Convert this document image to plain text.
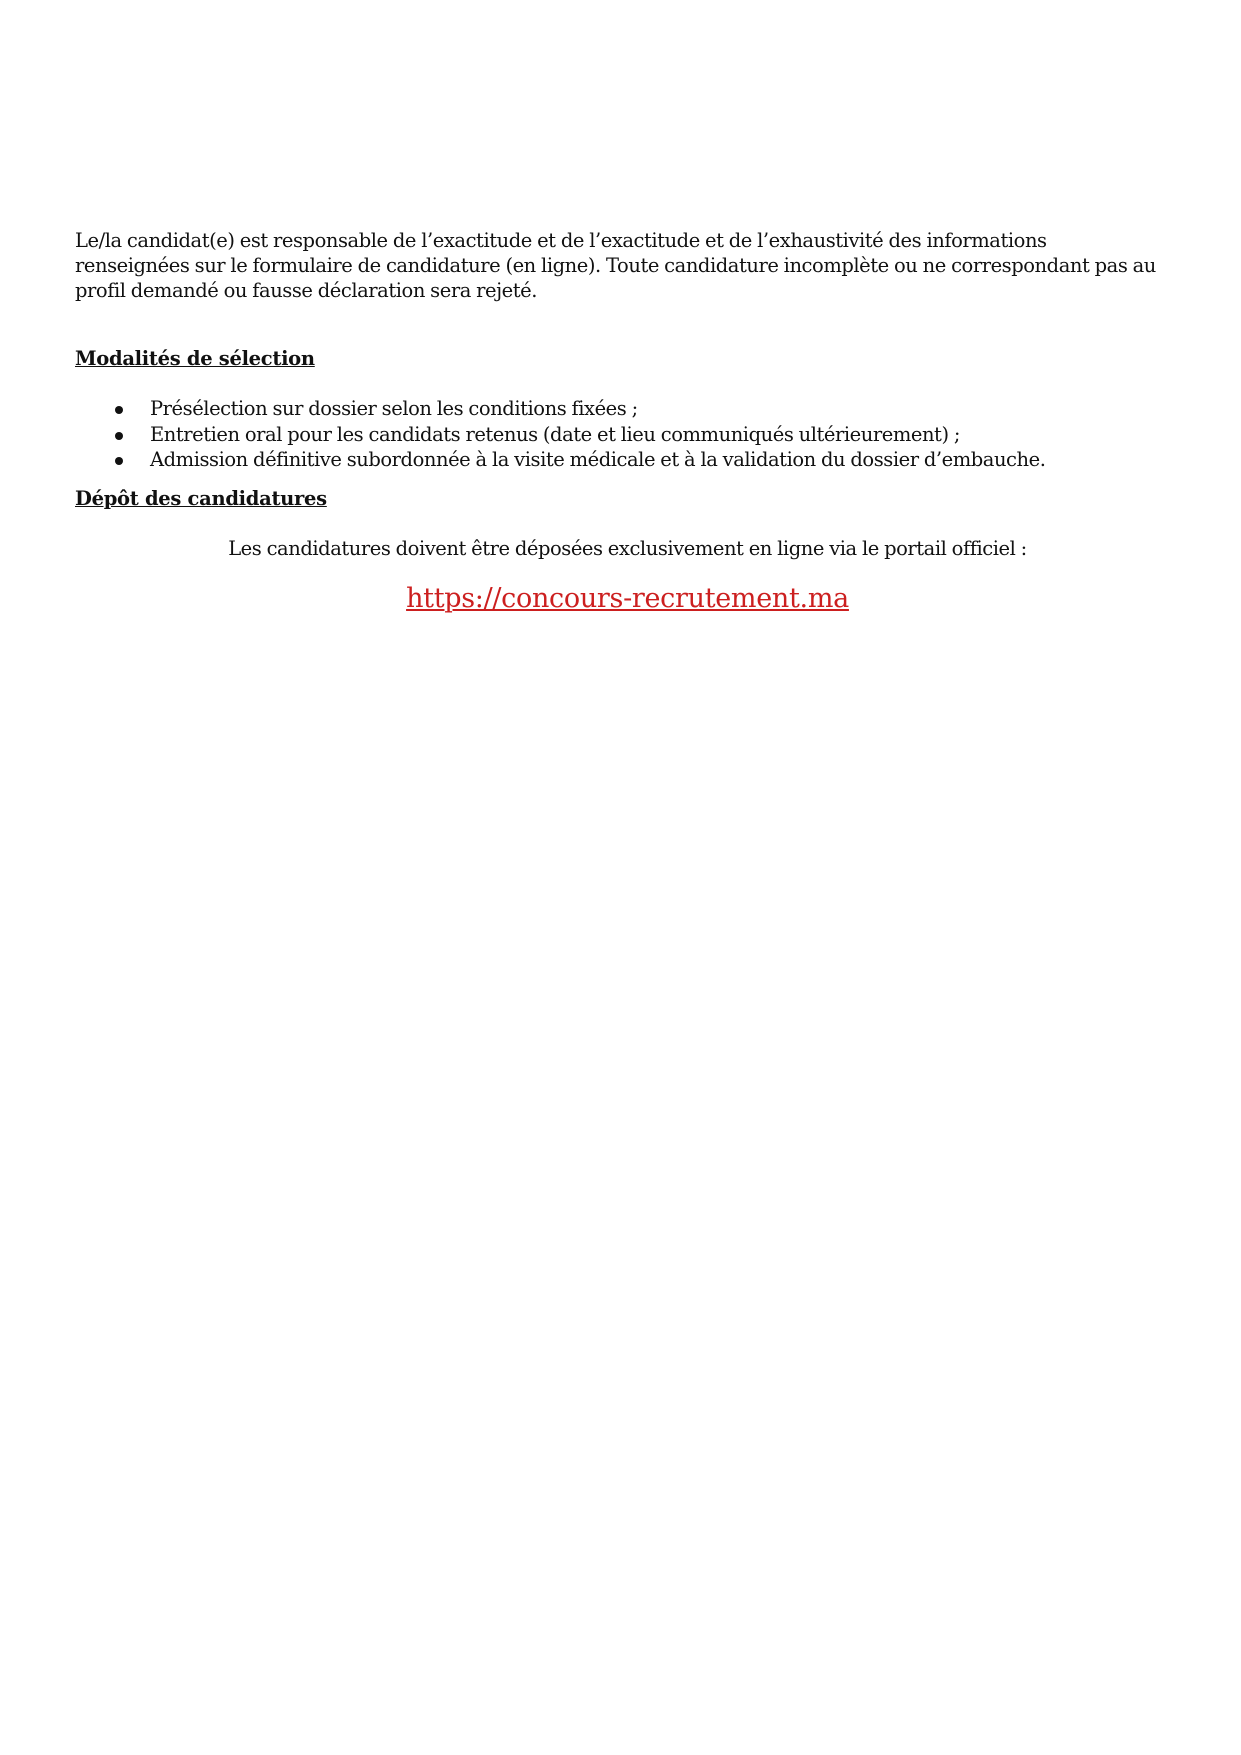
Le/la candidat(e) est responsable de l’exactitude et de l’exactitude et de l’exhaustivité des informations renseignées sur le formulaire de candidature (en ligne). Toute candidature incomplète ou ne correspondant pas au profil demandé ou fausse déclaration sera rejeté.

Modalités de sélection
Présélection sur dossier selon les conditions fixées ;
Entretien oral pour les candidats retenus (date et lieu communiqués ultérieurement) ;
Admission définitive subordonnée à la visite médicale et à la validation du dossier d’embauche.
Dépôt des candidatures

Les candidatures doivent être déposées exclusivement en ligne via le portail officiel :

https://concours-recrutement.ma
